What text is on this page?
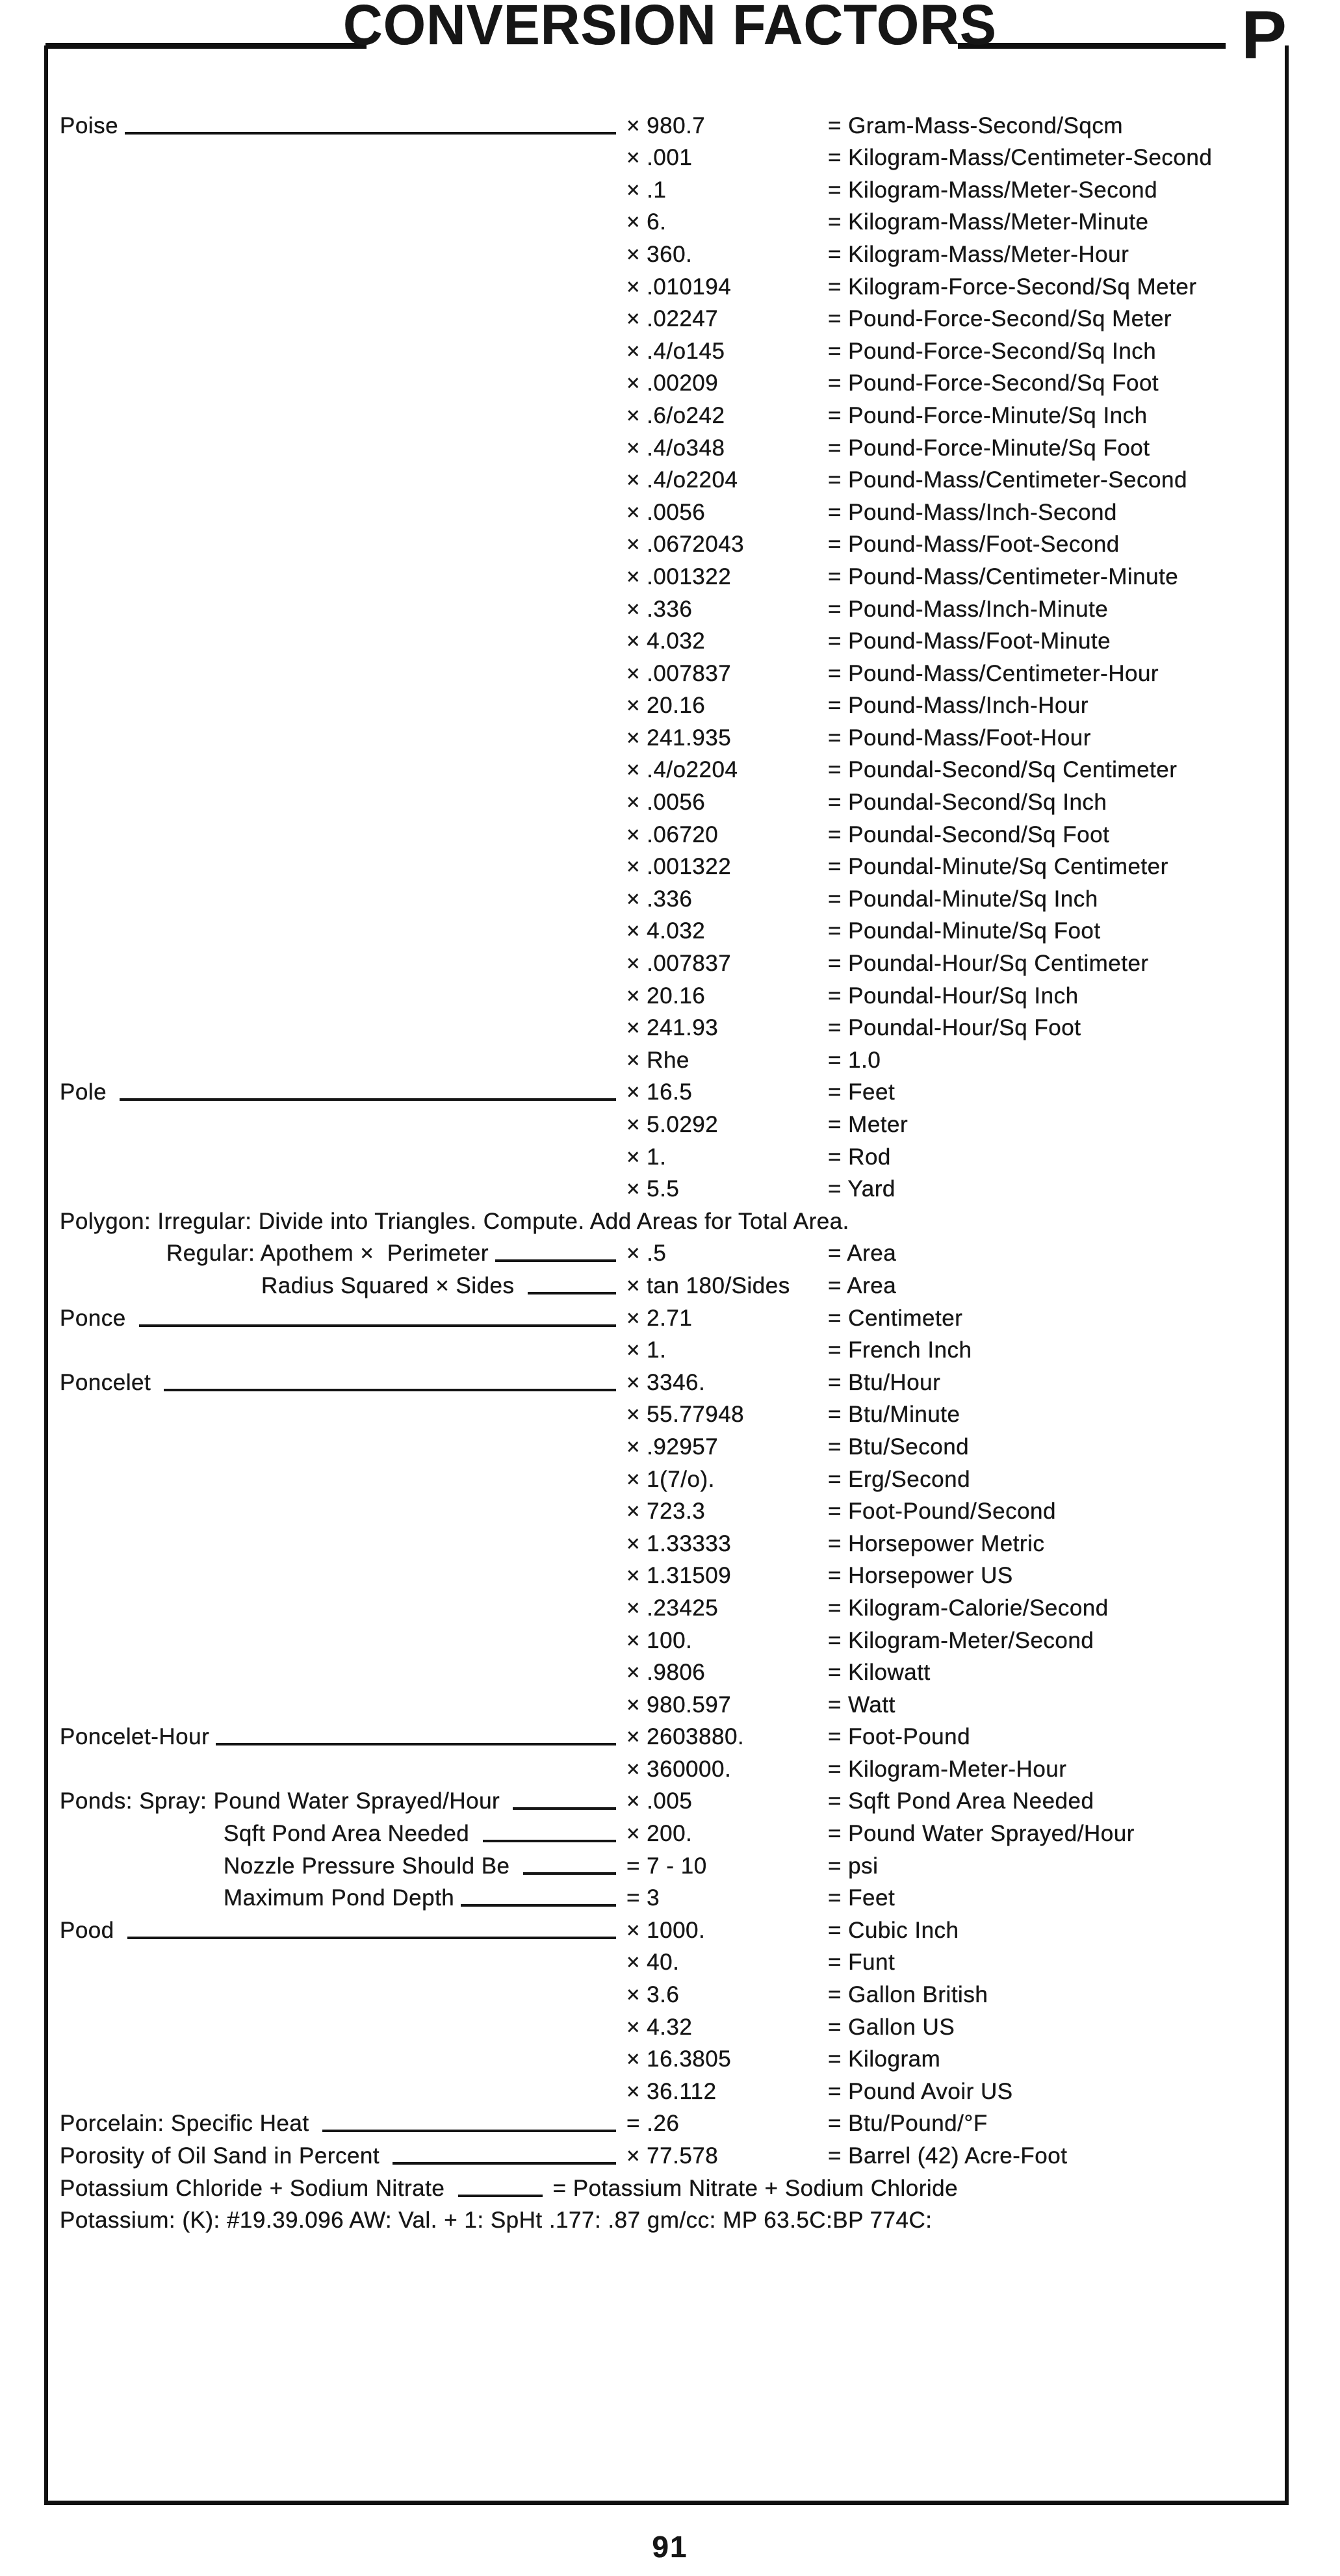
CONVERSION FACTORS	P
Poise	× 980.7	= Gram-Mass-Second/Sqcm
× .001	= Kilogram-Mass/Centimeter-Second
× .1	= Kilogram-Mass/Meter-Second
× 6.	= Kilogram-Mass/Meter-Minute
× 360.	= Kilogram-Mass/Meter-Hour
× .010194	= Kilogram-Force-Second/Sq Meter
× .02247	= Pound-Force-Second/Sq Meter
× .4/o145	= Pound-Force-Second/Sq Inch
× .00209	= Pound-Force-Second/Sq Foot
× .6/o242	= Pound-Force-Minute/Sq Inch
× .4/o348	= Pound-Force-Minute/Sq Foot
× .4/o2204	= Pound-Mass/Centimeter-Second
× .0056	= Pound-Mass/Inch-Second
× .0672043	= Pound-Mass/Foot-Second
× .001322	= Pound-Mass/Centimeter-Minute
× .336	= Pound-Mass/Inch-Minute
× 4.032	= Pound-Mass/Foot-Minute
× .007837	= Pound-Mass/Centimeter-Hour
× 20.16	= Pound-Mass/Inch-Hour
× 241.935	= Pound-Mass/Foot-Hour
× .4/o2204	= Poundal-Second/Sq Centimeter
× .0056	= Poundal-Second/Sq Inch
× .06720	= Poundal-Second/Sq Foot
× .001322	= Poundal-Minute/Sq Centimeter
× .336	= Poundal-Minute/Sq Inch
× 4.032	= Poundal-Minute/Sq Foot
× .007837	= Poundal-Hour/Sq Centimeter
× 20.16	= Poundal-Hour/Sq Inch
× 241.93	= Poundal-Hour/Sq Foot
× Rhe	= 1.0
Pole	× 16.5	= Feet
× 5.0292	= Meter
× 1.	= Rod
× 5.5	= Yard
Polygon: Irregular: Divide into Triangles. Compute. Add Areas for Total Area.
Regular: Apothem ×  Perimeter	× .5	= Area
Radius Squared × Sides	× tan 180/Sides	= Area
Ponce	× 2.71	= Centimeter
× 1.	= French Inch
Poncelet	× 3346.	= Btu/Hour
× 55.77948	= Btu/Minute
× .92957	= Btu/Second
× 1(7/o).	= Erg/Second
× 723.3	= Foot-Pound/Second
× 1.33333	= Horsepower Metric
× 1.31509	= Horsepower US
× .23425	= Kilogram-Calorie/Second
× 100.	= Kilogram-Meter/Second
× .9806	= Kilowatt
× 980.597	= Watt
Poncelet-Hour	× 2603880.	= Foot-Pound
× 360000.	= Kilogram-Meter-Hour
Ponds: Spray: Pound Water Sprayed/Hour	× .005	= Sqft Pond Area Needed
Sqft Pond Area Needed	× 200.	= Pound Water Sprayed/Hour
Nozzle Pressure Should Be	= 7 - 10	= psi
Maximum Pond Depth	= 3	= Feet
Pood	× 1000.	= Cubic Inch
× 40.	= Funt
× 3.6	= Gallon British
× 4.32	= Gallon US
× 16.3805	= Kilogram
× 36.112	= Pound Avoir US
Porcelain: Specific Heat	= .26	= Btu/Pound/°F
Porosity of Oil Sand in Percent	× 77.578	= Barrel (42) Acre-Foot
Potassium Chloride + Sodium Nitrate	= Potassium Nitrate + Sodium Chloride
Potassium: (K): #19.39.096 AW: Val. + 1: SpHt .177: .87 gm/cc: MP 63.5C:BP 774C:
91
